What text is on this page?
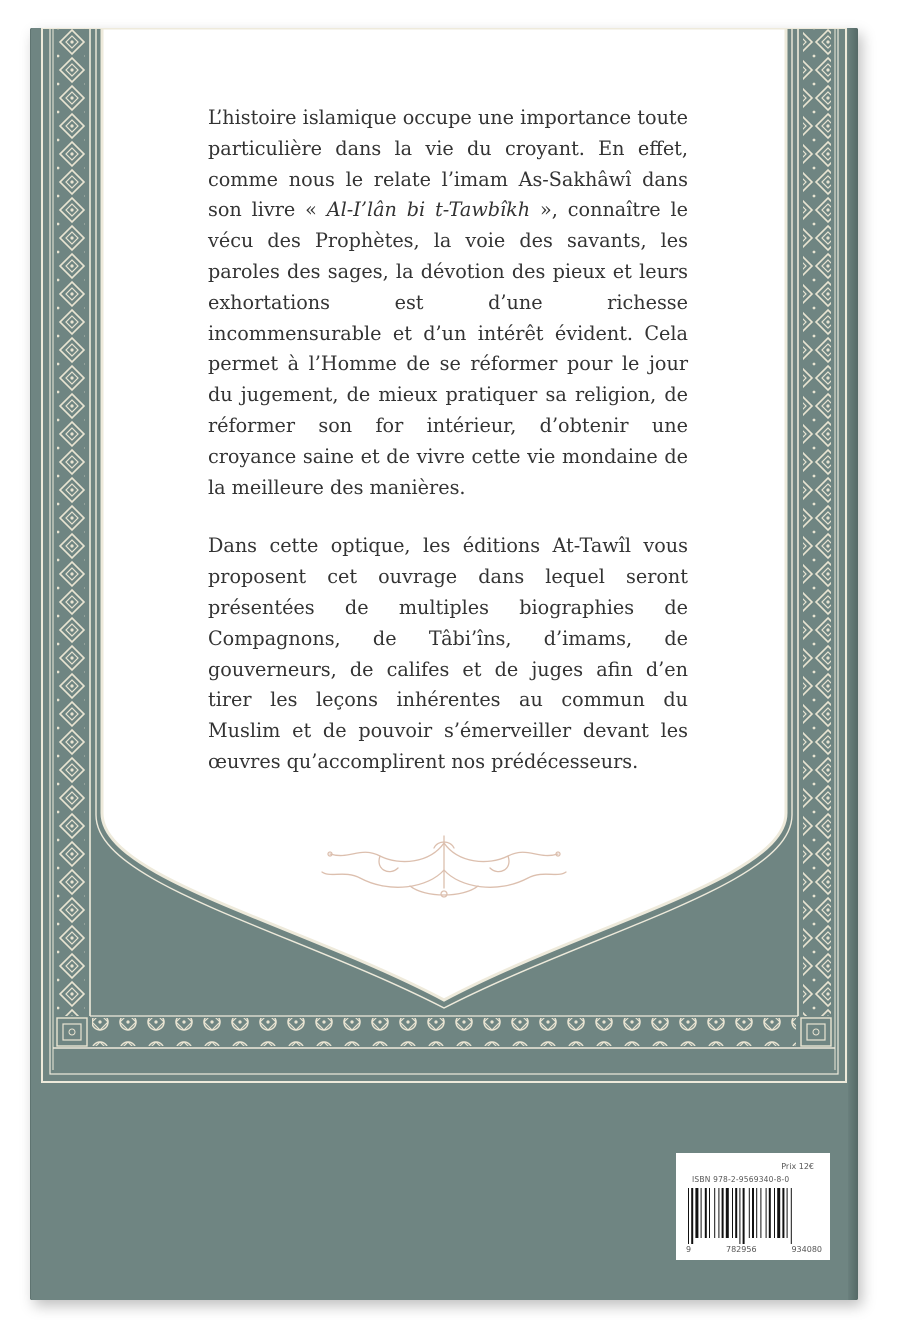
L’histoire islamique occupe une importance toute particulière dans la vie du croyant. En effet, comme nous le relate l’imam As-Sakhâwî dans son livre « Al-I’lân bi t-Tawbîkh », connaître le vécu des Prophètes, la voie des savants, les paroles des sages, la dévotion des pieux et leurs exhortations est d’une richesse incommensurable et d’un intérêt évident. Cela permet à l’Homme de se réformer pour le jour du jugement, de mieux pratiquer sa religion, de réformer son for intérieur, d’obtenir une croyance saine et de vivre cette vie mondaine de la meilleure des manières.

Dans cette optique, les éditions At-Tawîl vous proposent cet ouvrage dans lequel seront présentées de multiples biographies de Compagnons, de Tâbi’îns, d’imams, de gouverneurs, de califes et de juges afin d’en tirer les leçons inhérentes au commun du Muslim et de pouvoir s’émerveiller devant les œuvres qu’accomplirent nos prédécesseurs.

Prix 12€
ISBN 978-2-9569340-8-0
9	782956	934080
